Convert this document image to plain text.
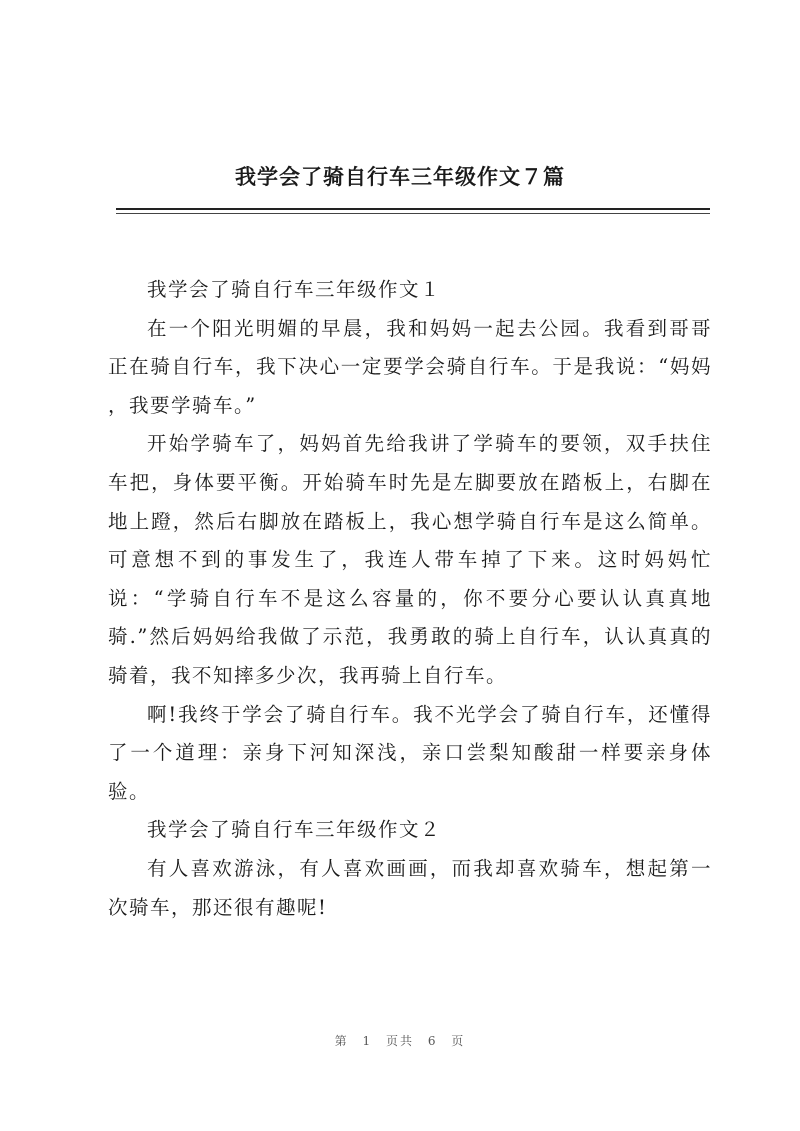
我学会了骑自行车三年级作文７篇

我学会了骑自行车三年级作文１

在一个阳光明媚的早晨，我和妈妈一起去公园。我看到哥哥正在骑自行车，我下决心一定要学会骑自行车。于是我说：“妈妈 ，我要学骑车。”

开始学骑车了，妈妈首先给我讲了学骑车的要领，双手扶住车把，身体要平衡。开始骑车时先是左脚要放在踏板上，右脚在地上蹬，然后右脚放在踏板上，我心想学骑自行车是这么简单。可意想不到的事发生了，我连人带车掉了下来。这时妈妈忙说：“学骑自行车不是这么容量的，你不要分心要认认真真地骑.”然后妈妈给我做了示范，我勇敢的骑上自行车，认认真真的骑着，我不知摔多少次，我再骑上自行车。

啊!我终于学会了骑自行车。我不光学会了骑自行车，还懂得了一个道理：亲身下河知深浅，亲口尝梨知酸甜一样要亲身体验。

我学会了骑自行车三年级作文２

有人喜欢游泳，有人喜欢画画，而我却喜欢骑车，想起第一次骑车，那还很有趣呢!

第 1 页共 6 页
